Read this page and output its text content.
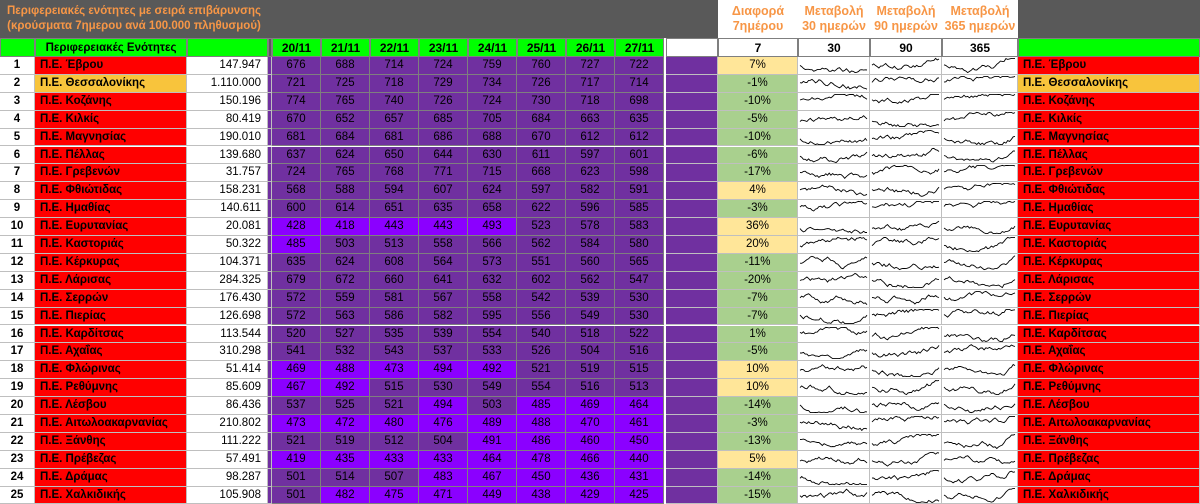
Περιφερειακές ενότητες με σειρά επιβάρυνσης
(κρούσματα 7ημερου ανά 100.000 πληθυσμού)
Διαφορά
7ημέρου
Μεταβολή
30 ημερών
Μεταβολή
90 ημερών
Μεταβολή
365 ημερών
Περιφερειακές Ενότητες	20/11	21/11	22/11	23/11	24/11	25/11	26/11	27/11	7	30	90	365
1	Π.Ε. Έβρου	147.947	676	688	714	724	759	760	727	722	7%	Π.Ε. Έβρου
2	Π.Ε. Θεσσαλονίκης	1.110.000	721	725	718	729	734	726	717	714	-1%	Π.Ε. Θεσσαλονίκης
3	Π.Ε. Κοζάνης	150.196	774	765	740	726	724	730	718	698	-10%	Π.Ε. Κοζάνης
4	Π.Ε. Κιλκίς	80.419	670	652	657	685	705	684	663	635	-5%	Π.Ε. Κιλκίς
5	Π.Ε. Μαγνησίας	190.010	681	684	681	686	688	670	612	612	-10%	Π.Ε. Μαγνησίας
6	Π.Ε. Πέλλας	139.680	637	624	650	644	630	611	597	601	-6%	Π.Ε. Πέλλας
7	Π.Ε. Γρεβενών	31.757	724	765	768	771	715	668	623	598	-17%	Π.Ε. Γρεβενών
8	Π.Ε. Φθιώτιδας	158.231	568	588	594	607	624	597	582	591	4%	Π.Ε. Φθιώτιδας
9	Π.Ε. Ημαθίας	140.611	600	614	651	635	658	622	596	585	-3%	Π.Ε. Ημαθίας
10	Π.Ε. Ευρυτανίας	20.081	428	418	443	443	493	523	578	583	36%	Π.Ε. Ευρυτανίας
11	Π.Ε. Καστοριάς	50.322	485	503	513	558	566	562	584	580	20%	Π.Ε. Καστοριάς
12	Π.Ε. Κέρκυρας	104.371	635	624	608	564	573	551	560	565	-11%	Π.Ε. Κέρκυρας
13	Π.Ε. Λάρισας	284.325	679	672	660	641	632	602	562	547	-20%	Π.Ε. Λάρισας
14	Π.Ε. Σερρών	176.430	572	559	581	567	558	542	539	530	-7%	Π.Ε. Σερρών
15	Π.Ε. Πιερίας	126.698	572	563	586	582	595	556	549	530	-7%	Π.Ε. Πιερίας
16	Π.Ε. Καρδίτσας	113.544	520	527	535	539	554	540	518	522	1%	Π.Ε. Καρδίτσας
17	Π.Ε. Αχαΐας	310.298	541	532	543	537	533	526	504	516	-5%	Π.Ε. Αχαΐας
18	Π.Ε. Φλώρινας	51.414	469	488	473	494	492	521	519	515	10%	Π.Ε. Φλώρινας
19	Π.Ε. Ρεθύμνης	85.609	467	492	515	530	549	554	516	513	10%	Π.Ε. Ρεθύμνης
20	Π.Ε. Λέσβου	86.436	537	525	521	494	503	485	469	464	-14%	Π.Ε. Λέσβου
21	Π.Ε. Αιτωλοακαρνανίας	210.802	473	472	480	476	489	488	470	461	-3%	Π.Ε. Αιτωλοακαρνανίας
22	Π.Ε. Ξάνθης	111.222	521	519	512	504	491	486	460	450	-13%	Π.Ε. Ξάνθης
23	Π.Ε. Πρέβεζας	57.491	419	435	433	433	464	478	466	440	5%	Π.Ε. Πρέβεζας
24	Π.Ε. Δράμας	98.287	501	514	507	483	467	450	436	431	-14%	Π.Ε. Δράμας
25	Π.Ε. Χαλκιδικής	105.908	501	482	475	471	449	438	429	425	-15%	Π.Ε. Χαλκιδικής
